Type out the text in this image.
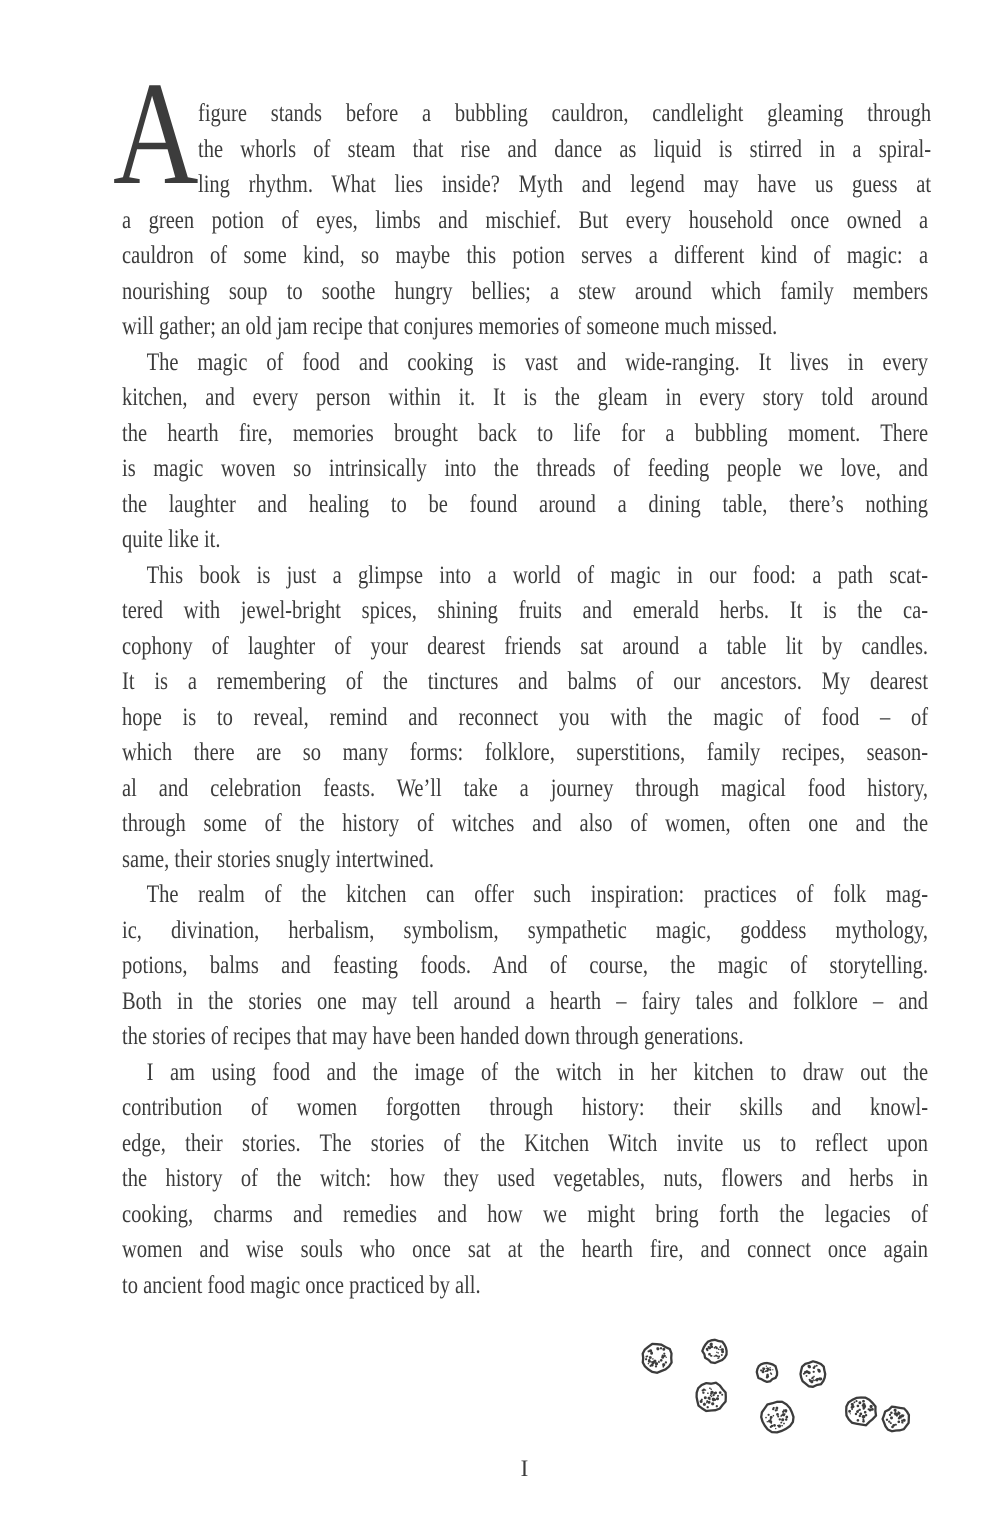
A figure stands before a bubbling cauldron, candlelight gleaming through
the whorls of steam that rise and dance as liquid is stirred in a spiral-
ling rhythm. What lies inside? Myth and legend may have us guess at
a green potion of eyes, limbs and mischief. But every household once owned a
cauldron of some kind, so maybe this potion serves a different kind of magic: a
nourishing soup to soothe hungry bellies; a stew around which family members
will gather; an old jam recipe that conjures memories of someone much missed.
The magic of food and cooking is vast and wide-ranging. It lives in every
kitchen, and every person within it. It is the gleam in every story told around
the hearth fire, memories brought back to life for a bubbling moment. There
is magic woven so intrinsically into the threads of feeding people we love, and
the laughter and healing to be found around a dining table, there’s nothing
quite like it.
This book is just a glimpse into a world of magic in our food: a path scat-
tered with jewel-bright spices, shining fruits and emerald herbs. It is the ca-
cophony of laughter of your dearest friends sat around a table lit by candles.
It is a remembering of the tinctures and balms of our ancestors. My dearest
hope is to reveal, remind and reconnect you with the magic of food – of
which there are so many forms: folklore, superstitions, family recipes, season-
al and celebration feasts. We’ll take a journey through magical food history,
through some of the history of witches and also of women, often one and the
same, their stories snugly intertwined.
The realm of the kitchen can offer such inspiration: practices of folk mag-
ic, divination, herbalism, symbolism, sympathetic magic, goddess mythology,
potions, balms and feasting foods. And of course, the magic of storytelling.
Both in the stories one may tell around a hearth – fairy tales and folklore – and
the stories of recipes that may have been handed down through generations.
I am using food and the image of the witch in her kitchen to draw out the
contribution of women forgotten through history: their skills and knowl-
edge, their stories. The stories of the Kitchen Witch invite us to reflect upon
the history of the witch: how they used vegetables, nuts, flowers and herbs in
cooking, charms and remedies and how we might bring forth the legacies of
women and wise souls who once sat at the hearth fire, and connect once again
to ancient food magic once practiced by all.
I
